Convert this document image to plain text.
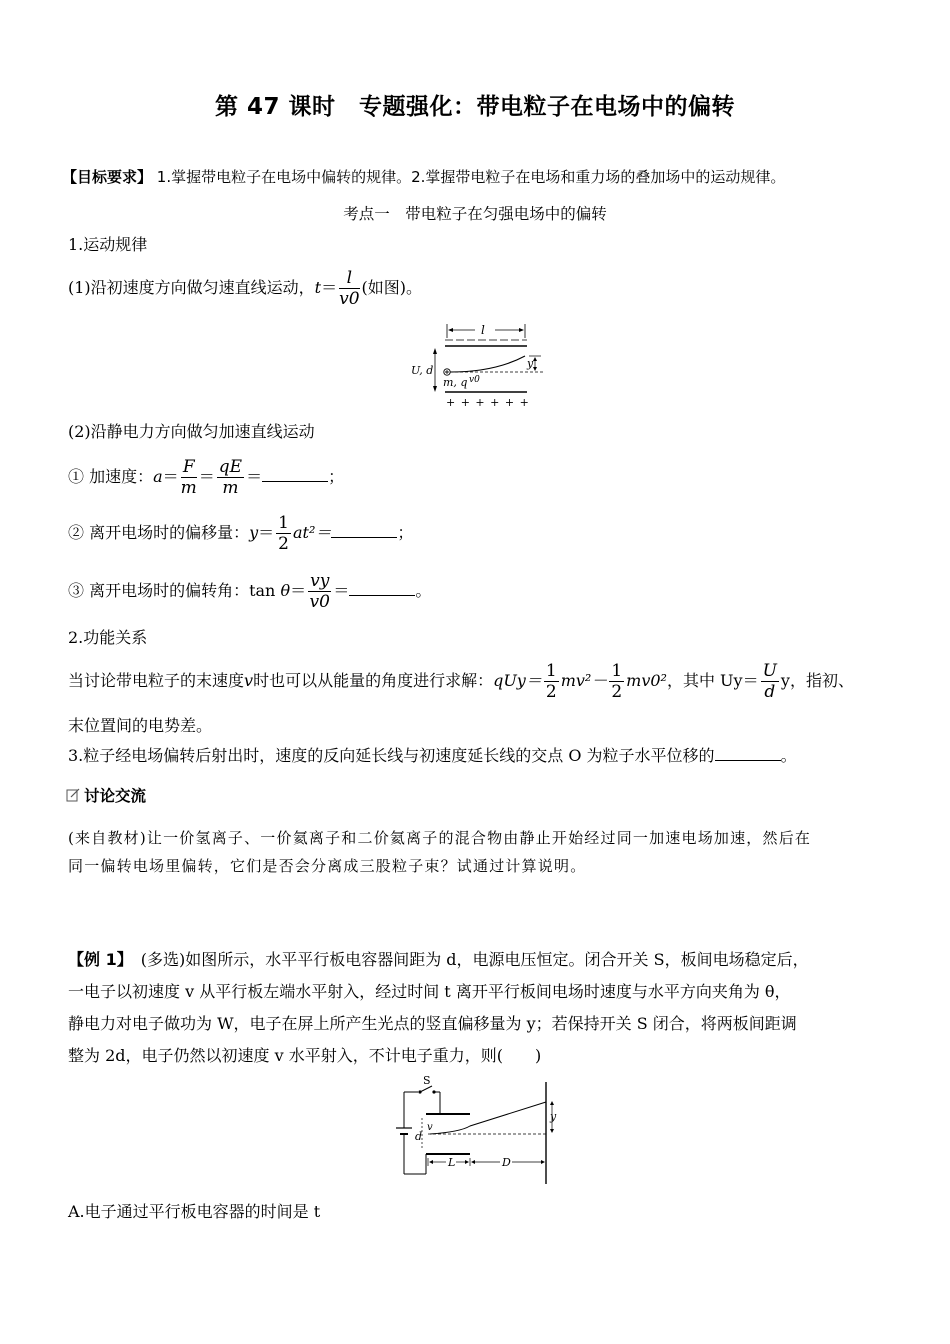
第 47 课时　专题强化：带电粒子在电场中的偏转
【目标要求】 1.掌握带电粒子在电场中偏转的规律。2.掌握带电粒子在电场和重力场的叠加场中的运动规律。
考点一　带电粒子在匀强电场中的偏转
1.运动规律
(1)沿初速度方向做匀速直线运动，$t= \frac{l}{v0}$ (如图)。
l
U, d
m, q v0
y
+ + + + + +
(2)沿静电力方向做匀加速直线运动
① 加速度：$a= \frac{F}{m} = \frac{qE}{m}$ ＝	；
② 离开电场时的偏移量：$y= \frac{1}{2} at^2=$	；
③ 离开电场时的偏转角：$\tan \theta= \frac{vy}{v0}$ ＝	。
2.功能关系
当讨论带电粒子的末速度v时也可以从能量的角度进行求解：$qUy= \frac{1}{2} mv^2- \frac{1}{2} mv0^2$，其中 $Uy= \frac{U}{d}$ y，指初、
末位置间的电势差。
3.粒子经电场偏转后射出时，速度的反向延长线与初速度延长线的交点 O 为粒子水平位移的	。
讨论交流
(来自教材)让一价氢离子、一价氦离子和二价氦离子的混合物由静止开始经过同一加速电场加速，然后在
同一偏转电场里偏转，它们是否会分离成三股粒子束？试通过计算说明。
【例 1】　 (多选)如图所示，水平平行板电容器间距为 d，电源电压恒定。闭合开关 S，板间电场稳定后，
一电子以初速度 v 从平行板左端水平射入，经过时间 t 离开平行板间电场时速度与水平方向夹角为 θ，
静电力对电子做功为 W，电子在屏上所产生光点的竖直偏移量为 y；若保持开关 S 闭合，将两板间距调
整为 2d，电子仍然以初速度 v 水平射入，不计电子重力，则(　　)
S
d
v
y
L	D
A.电子通过平行板电容器的时间是 t
